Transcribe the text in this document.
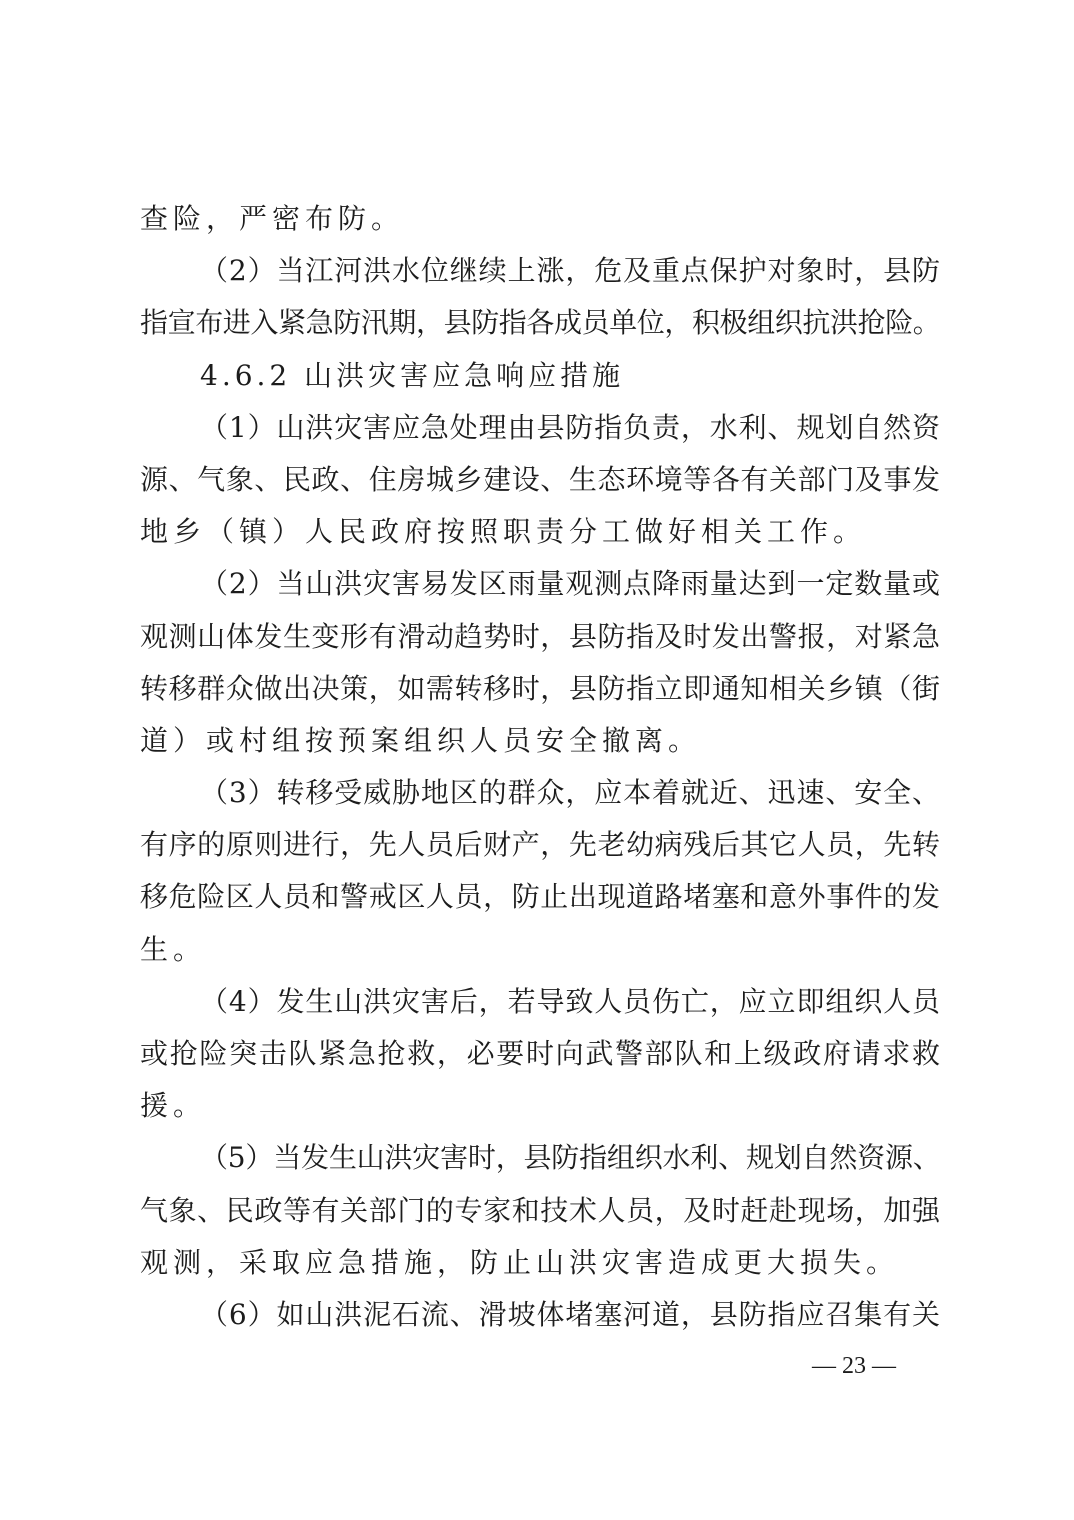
查险，严密布防。
（2）当江河洪水位继续上涨，危及重点保护对象时，县防
指宣布进入紧急防汛期，县防指各成员单位，积极组织抗洪抢险。
4.6.2 山洪灾害应急响应措施
（1）山洪灾害应急处理由县防指负责，水利、规划自然资
源、气象、民政、住房城乡建设、生态环境等各有关部门及事发
地乡（镇）人民政府按照职责分工做好相关工作。
（2）当山洪灾害易发区雨量观测点降雨量达到一定数量或
观测山体发生变形有滑动趋势时，县防指及时发出警报，对紧急
转移群众做出决策，如需转移时，县防指立即通知相关乡镇（街
道）或村组按预案组织人员安全撤离。
（3）转移受威胁地区的群众，应本着就近、迅速、安全、
有序的原则进行，先人员后财产，先老幼病残后其它人员，先转
移危险区人员和警戒区人员，防止出现道路堵塞和意外事件的发
生。
（4）发生山洪灾害后，若导致人员伤亡，应立即组织人员
或抢险突击队紧急抢救，必要时向武警部队和上级政府请求救
援。
（5）当发生山洪灾害时，县防指组织水利、规划自然资源、
气象、民政等有关部门的专家和技术人员，及时赶赴现场，加强
观测，采取应急措施，防止山洪灾害造成更大损失。
（6）如山洪泥石流、滑坡体堵塞河道，县防指应召集有关
— 23 —
